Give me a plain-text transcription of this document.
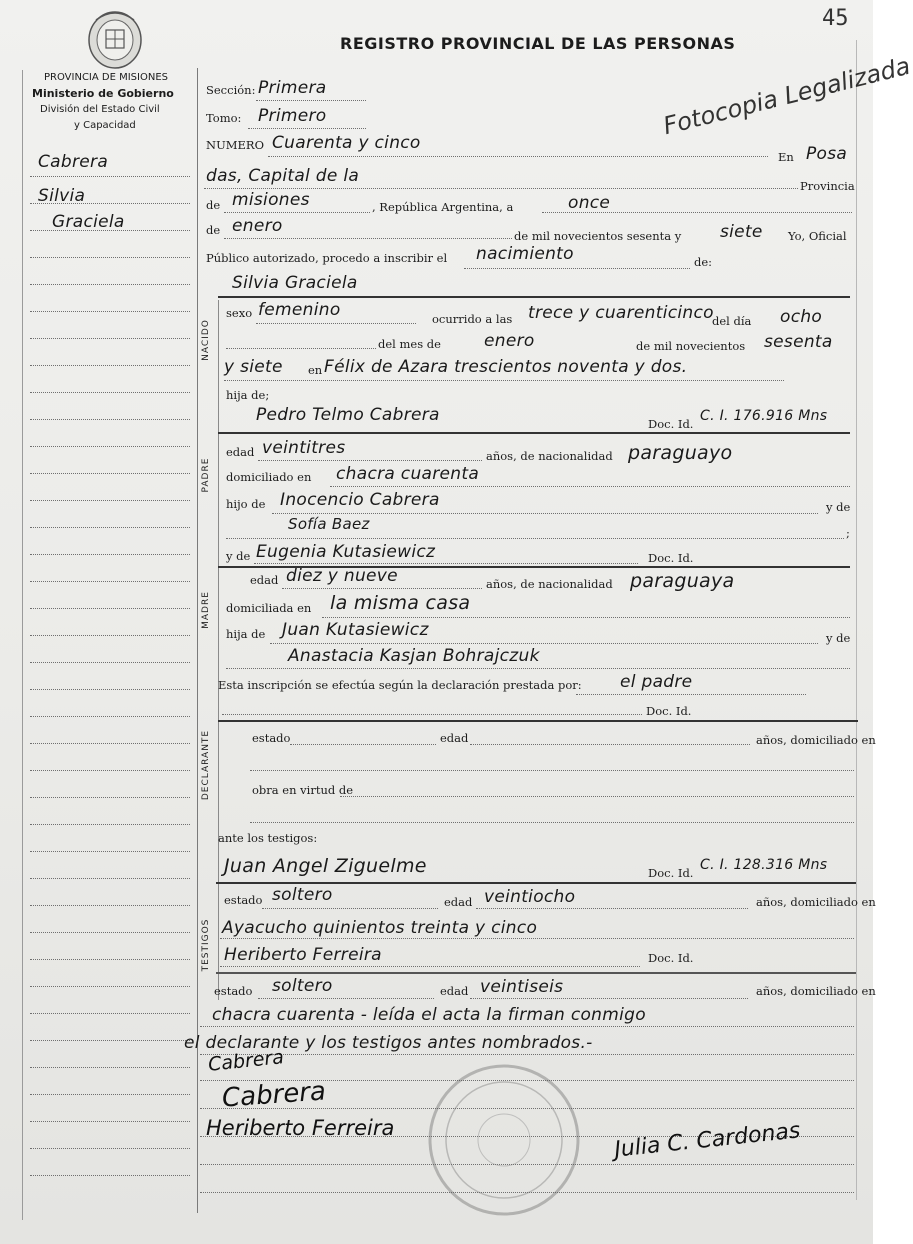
45
REGISTRO PROVINCIAL DE LAS PERSONAS
Fotocopia Legalizada
PROVINCIA DE MISIONES
Ministerio de Gobierno
División del Estado Civil
y Capacidad
Cabrera
Silvia
Graciela
Sección: Primera
Tomo: Primero
NUMERO Cuarenta y cinco
En Posa
das, Capital de la	Provincia
de misiones	, República Argentina, a	once
de enero	de mil novecientos sesenta y siete Yo, Oficial
Público autorizado, procedo a inscribir el nacimiento	de:
Silvia Graciela
NACIDO
sexo femenino	ocurrido a las trece y cuarenticinco
del día ocho
del mes de	enero	de mil novecientos sesenta
y siete en Félix de Azara trescientos noventa y dos.
hija de;
Pedro Telmo Cabrera	Doc. Id. C. I. 176.916 Mns
PADRE
edad veintitres	años, de nacionalidad paraguayo
domiciliado en chacra cuarenta
hijo de Inocencio Cabrera	y de
Sofía Baez	;
y de Eugenia Kutasiewicz	Doc. Id.
MADRE
edad diez y nueve	años, de nacionalidad paraguaya
domiciliada en la misma casa
hija de Juan Kutasiewicz	y de
Anastacia Kasjan Bohrajczuk
Esta inscripción se efectúa según la declaración prestada por: el padre
Doc. Id.
DECLARANTE	estado	edad	años, domiciliado en
obra en virtud de
ante los testigos:
Juan Angel Ziguelme	Doc. Id. C. I. 128.316 Mns
TESTIGOS
estado soltero	edad veintiocho	años, domiciliado en
Ayacucho quinientos treinta y cinco
Heriberto Ferreira	Doc. Id.
estado soltero	edad veintiseis	años, domiciliado en
chacra cuarenta - leída el acta la firman conmigo
el declarante y los testigos antes nombrados.-
Cabrera
Cabrera
Heriberto Ferreira	Julia C. Cardonas
